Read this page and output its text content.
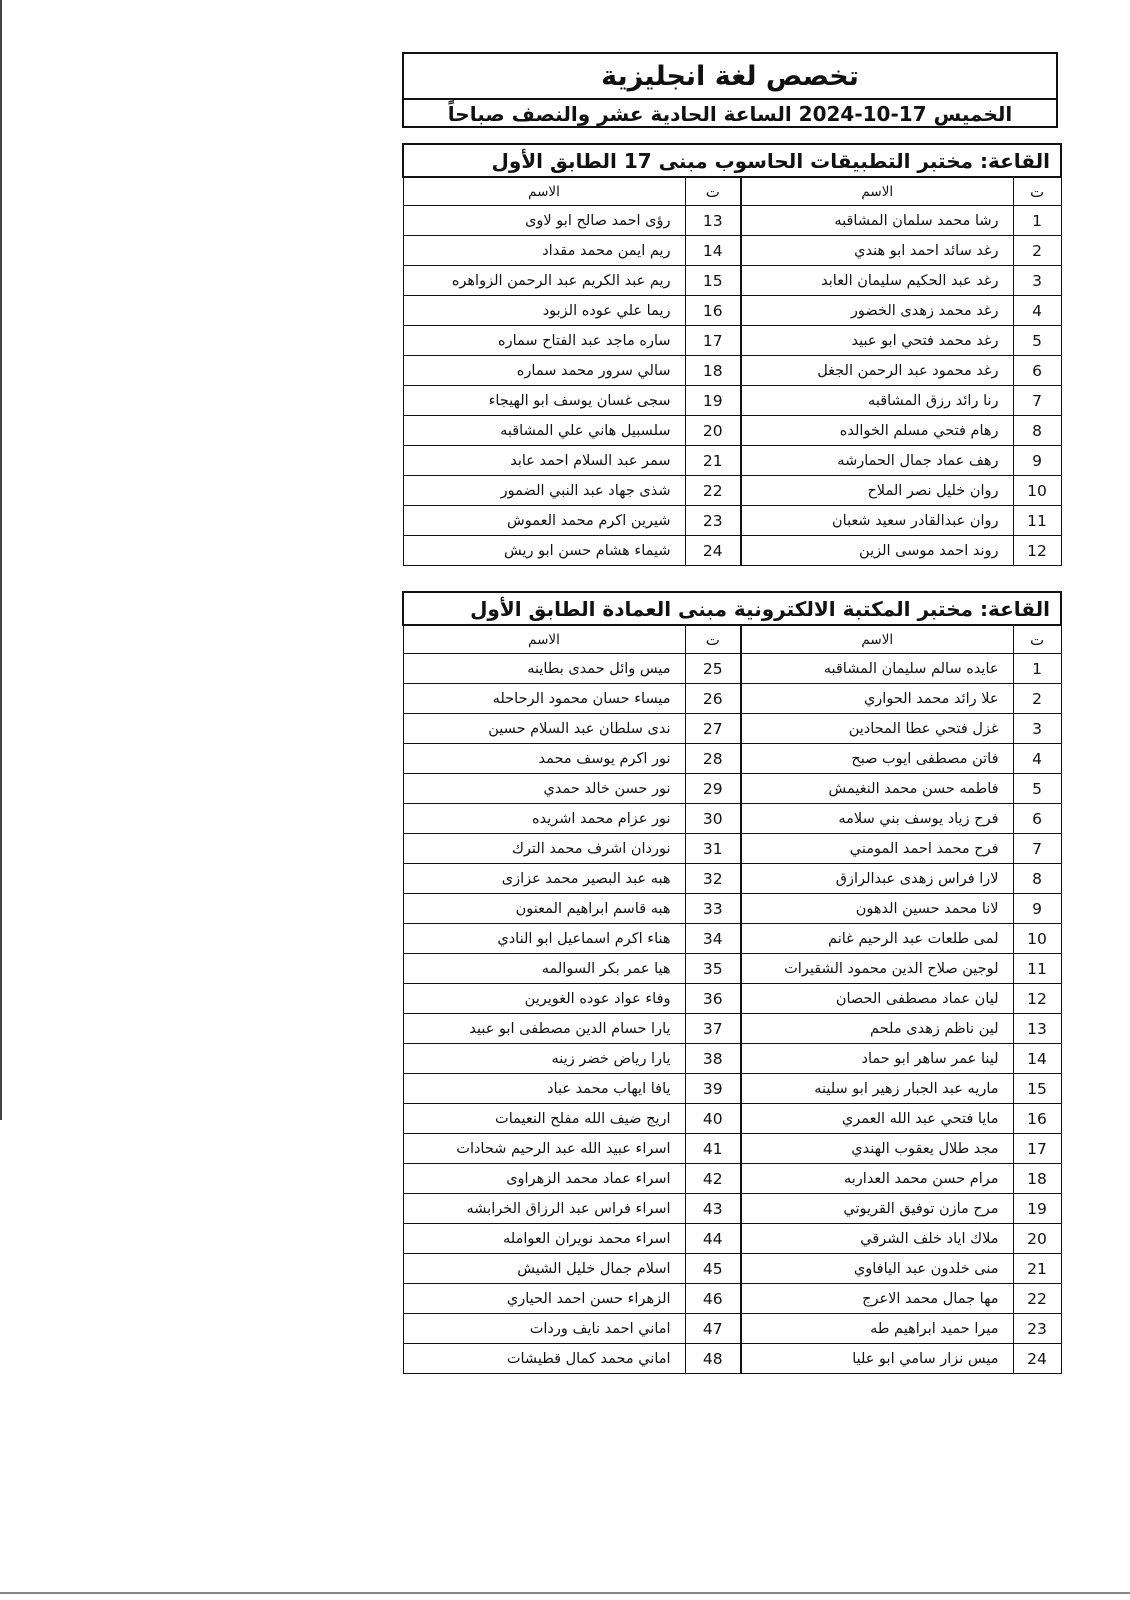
تخصص لغة انجليزية
الخميس 17-10-2024 الساعة الحادية عشر والنصف صباحاً
القاعة: مختبر التطبيقات الحاسوب مبنى 17 الطابق الأول			
ت	الاسم	ت	الاسم
1	رشا محمد سلمان المشاقبه	13	رؤى احمد صالح ابو لاوى
2	رغد سائد احمد ابو هندي	14	ريم ايمن محمد مقداد
3	رغد عبد الحكيم سليمان العابد	15	ريم عبد الكريم عبد الرحمن الزواهره
4	رغد محمد زهدى الخضور	16	ريما علي عوده الزبود
5	رغد محمد فتحي ابو عبيد	17	ساره ماجد عبد الفتاح سماره
6	رغد محمود عبد الرحمن الجغل	18	سالي سرور محمد سماره
7	رنا رائد رزق المشاقبه	19	سجى غسان يوسف ابو الهيجاء
8	رهام فتحي مسلم الخوالده	20	سلسبيل هاني علي المشاقبه
9	رهف عماد جمال الحمارشه	21	سمر عبد السلام احمد عابد
10	روان خليل نصر الملاح	22	شذى جهاد عبد النبي الضمور
11	روان عبدالقادر سعيد شعبان	23	شيرين اكرم محمد العموش
12	روند احمد موسى الزين	24	شيماء هشام حسن ابو ريش
القاعة: مختبر المكتبة الالكترونية مبنى العمادة الطابق الأول			
ت	الاسم	ت	الاسم
1	عايده سالم سليمان المشاقبه	25	ميس وائل حمدى بطاينه
2	علا رائد محمد الحواري	26	ميساء حسان محمود الرحاحله
3	غزل فتحي عطا المحادين	27	ندى سلطان عبد السلام حسين
4	فاتن مصطفى ايوب صبح	28	نور اكرم يوسف محمد
5	فاطمه حسن محمد النغيمش	29	نور حسن خالد حمدي
6	فرح زياد يوسف بني سلامه	30	نور عزام محمد اشريده
7	فرح محمد احمد المومني	31	نوردان اشرف محمد الترك
8	لارا فراس زهدى عبدالرازق	32	هبه عبد البصير محمد عزازى
9	لانا محمد حسين الدهون	33	هبه قاسم ابراهيم المعنون
10	لمى طلعات عبد الرحيم غانم	34	هناء اكرم اسماعيل ابو النادي
11	لوجين صلاح الدين محمود الشقيرات	35	هيا عمر بكر السوالمه
12	ليان عماد مصطفى الحصان	36	وفاء عواد عوده الغويرين
13	لين ناظم زهدى ملحم	37	يارا حسام الدين مصطفى ابو عبيد
14	لينا عمر ساهر ابو حماد	38	يارا رياض خضر زينه
15	ماريه عبد الجبار زهير ابو سلينه	39	يافا ايهاب محمد عباد
16	مايا فتحي عبد الله العمري	40	اريج ضيف الله مفلح النعيمات
17	مجد طلال يعقوب الهندي	41	اسراء عبيد الله عبد الرحيم شحادات
18	مرام حسن محمد العداربه	42	اسراء عماد محمد الزهراوى
19	مرح مازن توفيق القريوتي	43	اسراء فراس عبد الرزاق الخرابشه
20	ملاك اياد خلف الشرقي	44	اسراء محمد نويران العوامله
21	منى خلدون عبد اليافاوي	45	اسلام جمال خليل الشيش
22	مها جمال محمد الاعرج	46	الزهراء حسن احمد الحياري
23	ميرا حميد ابراهيم طه	47	اماني احمد نايف وردات
24	ميس نزار سامي ابو عليا	48	اماني محمد كمال قطيشات
